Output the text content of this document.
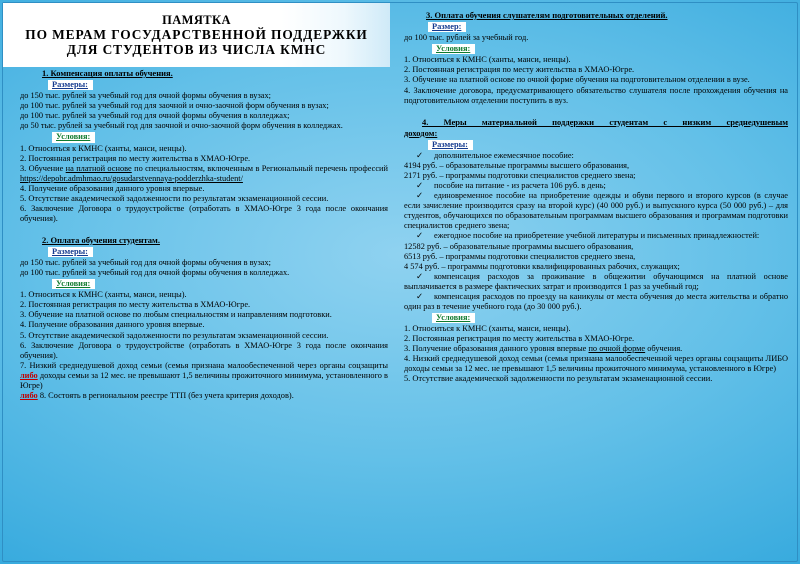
ПАМЯТКА
ПО МЕРАМ ГОСУДАРСТВЕННОЙ ПОДДЕРЖКИ
ДЛЯ СТУДЕНТОВ ИЗ ЧИСЛА КМНС
1. Компенсация оплаты обучения.
Размеры:

до 150 тыс. рублей за учебный год для очной формы обучения в вузах;

до 100 тыс. рублей за учебный год для заочной и очно-заочной форм обучения в вузах;

до 100 тыс. рублей за учебный год для очной формы обучения в колледжах;

до 50 тыс. рублей за учебный год для заочной и очно-заочной форм обучения в колледжах.

Условия:

1. Относиться к КМНС (ханты, манси, ненцы).

2. Постоянная регистрация по месту жительства в ХМАО-Югре.

3. Обучение на платной основе по специальностям, включенным в Региональный перечень профессий https://depobr.admhmao.ru/gosudarstvennaya-podderzhka-student/

4. Получение образования данного уровня впервые.

5. Отсутствие академической задолженности по результатам экзаменационной сессии.

6. Заключение Договора о трудоустройстве (отработать в ХМАО-Югре 3 года после окончания обучения).

2. Оплата обучения студентам.
Размеры:

до 150 тыс. рублей за учебный год для очной формы обучения в вузах;

до 100 тыс. рублей за учебный год для очной формы обучения в колледжах.

Условия:

1. Относиться к КМНС (ханты, манси, ненцы).

2. Постоянная регистрация по месту жительства в ХМАО-Югре.

3. Обучение на платной основе по любым специальностям и направлениям подготовки.

4. Получение образования данного уровня впервые.

5. Отсутствие академической задолженности по результатам экзаменационной сессии.

6. Заключение Договора о трудоустройстве (отработать в ХМАО-Югре 3 года после окончания обучения).

7. Низкий среднедушевой доход семьи (семья признана малообеспеченной через органы соцзащиты либо доходы семьи за 12 мес. не превышают 1,5 величины прожиточного минимума, установленного в Югре)

либо 8. Состоять в региональном реестре ТТП (без учета критерия доходов).

3. Оплата обучения слушателям подготовительных отделений.
Размер:

до 100 тыс. рублей за учебный год.

Условия:

1. Относиться к КМНС (ханты, манси, ненцы).

2. Постоянная регистрация по месту жительства в ХМАО-Югре.

3. Обучение на платной основе по очной форме обучения на подготовительном отделении в вузе.

4. Заключение договора, предусматривающего обязательство слушателя после прохождения обучения на подготовительном отделении поступить в вуз.

4. Меры материальной поддержки студентам с низким среднедушевым
доходом:
Размеры:

✓ дополнительное ежемесячное пособие:

4194 руб. – образовательные программы высшего образования,

2171 руб. – программы подготовки специалистов среднего звена;

✓ пособие на питание - из расчета 106 руб. в день;

✓ единовременное пособие на приобретение одежды и обуви первого и второго курсов (в случае если зачисление производится сразу на второй курс) (40 000 руб.) и выпускного курса (50 000 руб.) – для студентов, обучающихся по образовательным программам высшего образования и программам подготовки специалистов среднего звена;

✓ ежегодное пособие на приобретение учебной литературы и письменных принадлежностей:

12582 руб. – образовательные программы высшего образования,

6513 руб. – программы подготовки специалистов среднего звена,

4 574 руб. – программы подготовки квалифицированных рабочих, служащих;

✓ компенсация расходов за проживание в общежитии обучающимся на платной основе выплачивается в размере фактических затрат и производится 1 раз за учебный год;

✓ компенсация расходов по проезду на каникулы от места обучения до места жительства и обратно один раз в течение учебного года (до 30 000 руб.).

Условия:

1. Относиться к КМНС (ханты, манси, ненцы).

2. Постоянная регистрация по месту жительства в ХМАО-Югре.

3. Получение образования данного уровня впервые по очной форме обучения.

4. Низкий среднедушевой доход семьи (семья признана малообеспеченной через органы соцзащиты ЛИБО доходы семьи за 12 мес. не превышают 1,5 величины прожиточного минимума, установленного в Югре)

5. Отсутствие академической задолженности по результатам экзаменационной сессии.
